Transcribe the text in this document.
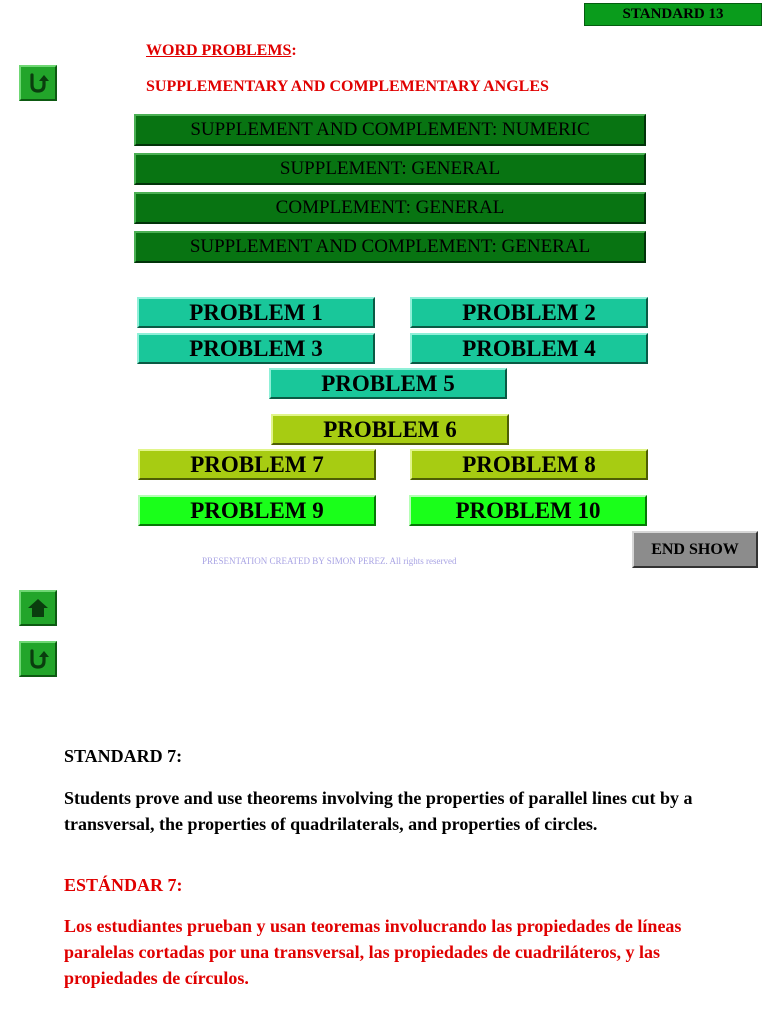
STANDARD 13
WORD PROBLEMS:
SUPPLEMENTARY AND COMPLEMENTARY ANGLES
SUPPLEMENT AND COMPLEMENT: NUMERIC
SUPPLEMENT: GENERAL
COMPLEMENT: GENERAL
SUPPLEMENT AND COMPLEMENT: GENERAL
PROBLEM 1	PROBLEM 2
PROBLEM 3	PROBLEM 4
PROBLEM 5
PROBLEM 6
PROBLEM 7	PROBLEM 8
PROBLEM 9	PROBLEM 10
PRESENTATION CREATED BY SIMON PEREZ. All rights reserved
END SHOW
STANDARD 7:
Students prove and use theorems involving the properties of parallel lines cut by a transversal, the properties of quadrilaterals, and properties of circles.
ESTÁNDAR 7:
Los estudiantes prueban y usan teoremas involucrando las propiedades de líneas paralelas cortadas por una transversal, las propiedades de cuadriláteros, y las propiedades de círculos.
